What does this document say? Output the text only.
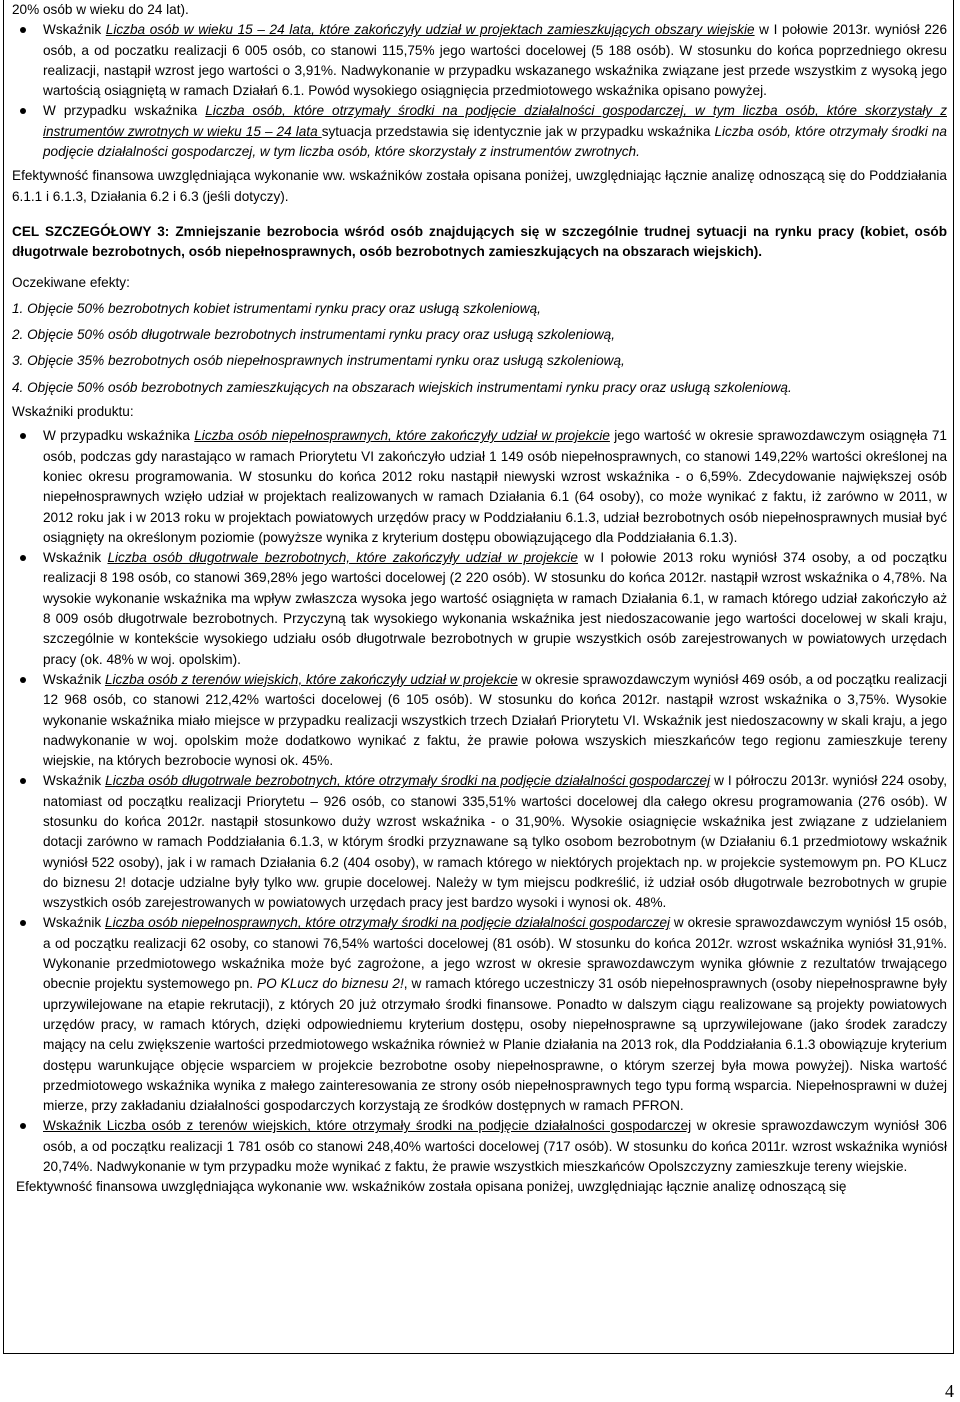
20% osób w wieku do 24 lat).

Wskaźnik Liczba osób w wieku 15 – 24 lata, które zakończyły udział w projektach zamieszkujących obszary wiejskie w I połowie 2013r. wyniósł 226 osób, a od poczatku realizacji 6 005 osób, co stanowi 115,75% jego wartości docelowej (5 188 osób). W stosunku do końca poprzedniego okresu realizacji, nastąpił wzrost jego wartości o 3,91%. Nadwykonanie w przypadku wskazanego wskaźnika związane jest przede wszystkim z wysoką jego wartością osiągniętą w ramach Działań 6.1. Powód wysokiego osiągnięcia przedmiotowego wskaźnika opisano powyżej.
W przypadku wskaźnika Liczba osób, które otrzymały środki na podjęcie działalności gospodarczej, w tym liczba osób, które skorzystały z instrumentów zwrotnych w wieku 15 – 24 lata sytuacja przedstawia się identycznie jak w przypadku wskaźnika Liczba osób, które otrzymały środki na podjęcie działalności gospodarczej, w tym liczba osób, które skorzystały z instrumentów zwrotnych.

Efektywność finansowa uwzględniająca wykonanie ww. wskaźników została opisana poniżej, uwzględniając łącznie analizę odnoszącą się do Poddziałania 6.1.1 i 6.1.3, Działania 6.2 i 6.3 (jeśli dotyczy).

CEL SZCZEGÓŁOWY 3: Zmniejszanie bezrobocia wśród osób znajdujących się w szczególnie trudnej sytuacji na rynku pracy (kobiet, osób długotrwale bezrobotnych, osób niepełnosprawnych, osób bezrobotnych zamieszkujących na obszarach wiejskich).

Oczekiwane efekty:

1. Objęcie 50% bezrobotnych kobiet istrumentami rynku pracy oraz usługą szkoleniową,

2. Objęcie 50% osób długotrwale bezrobotnych instrumentami rynku pracy oraz usługą szkoleniową,

3. Objęcie 35% bezrobotnych osób niepełnosprawnych instrumentami rynku oraz usługą szkoleniową,

4. Objęcie 50% osób bezrobotnych zamieszkujących na obszarach wiejskich instrumentami rynku pracy oraz usługą szkoleniową.

Wskaźniki produktu:

W przypadku wskaźnika Liczba osób niepełnosprawnych, które zakończyły udział w projekcie jego wartość w okresie sprawozdawczym osiągnęła 71 osób, podczas gdy narastająco w ramach Priorytetu VI zakończyło udział 1 149 osób niepełnosprawnych, co stanowi 149,22% wartości określonej na koniec okresu programowania. W stosunku do końca 2012 roku nastąpił niewyski wzrost wskaźnika - o 6,59%. Zdecydowanie największej osób niepełnosprawnych wzięło udział w projektach realizowanych w ramach Działania 6.1 (64 osoby), co może wynikać z faktu, iż zarówno w 2011, w 2012 roku jak i w 2013 roku w projektach powiatowych urzędów pracy w Poddziałaniu 6.1.3, udział bezrobotnych osób niepełnosprawnych musiał być osiągnięty na określonym poziomie (powyższe wynika z kryterium dostępu obowiązującego dla Poddziałania 6.1.3).
Wskaźnik Liczba osób długotrwale bezrobotnych, które zakończyły udział w projekcie w I połowie 2013 roku wyniósł 374 osoby, a od początku realizacji 8 198 osób, co stanowi 369,28% jego wartości docelowej (2 220 osób). W stosunku do końca 2012r. nastąpił wzrost wskaźnika o 4,78%. Na wysokie wykonanie wskaźnika ma wpływ zwłaszcza wysoka jego wartość osiągnięta w ramach Działania 6.1, w ramach którego udział zakończyło aż 8 009 osób długotrwale bezrobotnych. Przyczyną tak wysokiego wykonania wskaźnika jest niedoszacowanie jego wartości docelowej w skali kraju, szczególnie w kontekście wysokiego udziału osób długotrwale bezrobotnych w grupie wszystkich osób zarejestrowanych w powiatowych urzędach pracy (ok. 48% w woj. opolskim).
Wskaźnik Liczba osób z terenów wiejskich, które zakończyły udział w projekcie w okresie sprawozdawczym wyniósł 469 osób, a od początku realizacji 12 968 osób, co stanowi 212,42% wartości docelowej (6 105 osób). W stosunku do końca 2012r. nastąpił wzrost wskaźnika o 3,75%. Wysokie wykonanie wskaźnika miało miejsce w przypadku realizacji wszystkich trzech Działań Priorytetu VI. Wskaźnik jest niedoszacowny w skali kraju, a jego nadwykonanie w woj. opolskim może dodatkowo wynikać z faktu, że prawie połowa wszyskich mieszkańców tego regionu zamieszkuje tereny wiejskie, na których bezrobocie wynosi ok. 45%.
Wskaźnik Liczba osób długotrwale bezrobotnych, które otrzymały środki na podjęcie działalności gospodarczej w I półroczu 2013r. wyniósł 224 osoby, natomiast od początku realizacji Priorytetu – 926 osób, co stanowi 335,51% wartości docelowej dla całego okresu programowania (276 osób). W stosunku do końca 2012r. nastąpił stosunkowo duży wzrost wskaźnika - o 31,90%. Wysokie osiagnięcie wskaźnika jest związane z udzielaniem dotacji zarówno w ramach Poddziałania 6.1.3, w którym środki przyznawane są tylko osobom bezrobotnym (w Działaniu 6.1 przedmiotowy wskaźnik wyniósł 522 osoby), jak i w ramach Działania 6.2 (404 osoby), w ramach którego w niektórych projektach np. w projekcie systemowym pn. PO KLucz do biznesu 2! dotacje udzialne były tylko ww. grupie docelowej. Należy w tym miejscu podkreślić, iż udział osób długotrwale bezrobotnych w grupie wszystkich osób zarejestrowanych w powiatowych urzędach pracy jest bardzo wysoki i wynosi ok. 48%.
Wskaźnik Liczba osób niepełnosprawnych, które otrzymały środki na podjęcie działalności gospodarczej w okresie sprawozdawczym wyniósł 15 osób, a od początku realizacji 62 osoby, co stanowi 76,54% wartości docelowej (81 osób). W stosunku do końca 2012r. wzrost wskaźnika wyniósł 31,91%. Wykonanie przedmiotowego wskaźnika może być zagrożone, a jego wzrost w okresie sprawozdawczym wynika głównie z rezultatów trwającego obecnie projektu systemowego pn. PO KLucz do biznesu 2!, w ramach którego uczestniczy 31 osób niepełnosprawnych (osoby niepełnosprawne były uprzywilejowane na etapie rekrutacji), z których 20 już otrzymało środki finansowe. Ponadto w dalszym ciągu realizowane są projekty powiatowych urzędów pracy, w ramach których, dzięki odpowiedniemu kryterium dostępu, osoby niepełnosprawne są uprzywilejowane (jako środek zaradczy mający na celu zwiększenie wartości przedmiotowego wskaźnika również w Planie działania na 2013 rok, dla Poddziałania 6.1.3 obowiązuje kryterium dostępu warunkujące objęcie wsparciem w projekcie bezrobotne osoby niepełnosprawne, o którym szerzej była mowa powyżej). Niska wartość przedmiotowego wskaźnika wynika z małego zainteresowania ze strony osób niepełnosprawnych tego typu formą wsparcia. Niepełnosprawni w dużej mierze, przy zakładaniu działalności gospodarczych korzystają ze środków dostępnych w ramach PFRON.
Wskaźnik Liczba osób z terenów wiejskich, które otrzymały środki na podjęcie działalności gospodarczej w okresie sprawozdawczym wyniósł 306 osób, a od początku realizacji 1 781 osób co stanowi 248,40% wartości docelowej (717 osób). W stosunku do końca 2011r. wzrost wskaźnika wyniósł 20,74%. Nadwykonanie w tym przypadku może wynikać z faktu, że prawie wszystkich mieszkańców Opolszczyzny zamieszkuje tereny wiejskie.

Efektywność finansowa uwzględniająca wykonanie ww. wskaźników została opisana poniżej, uwzględniając łącznie analizę odnoszącą się

4
